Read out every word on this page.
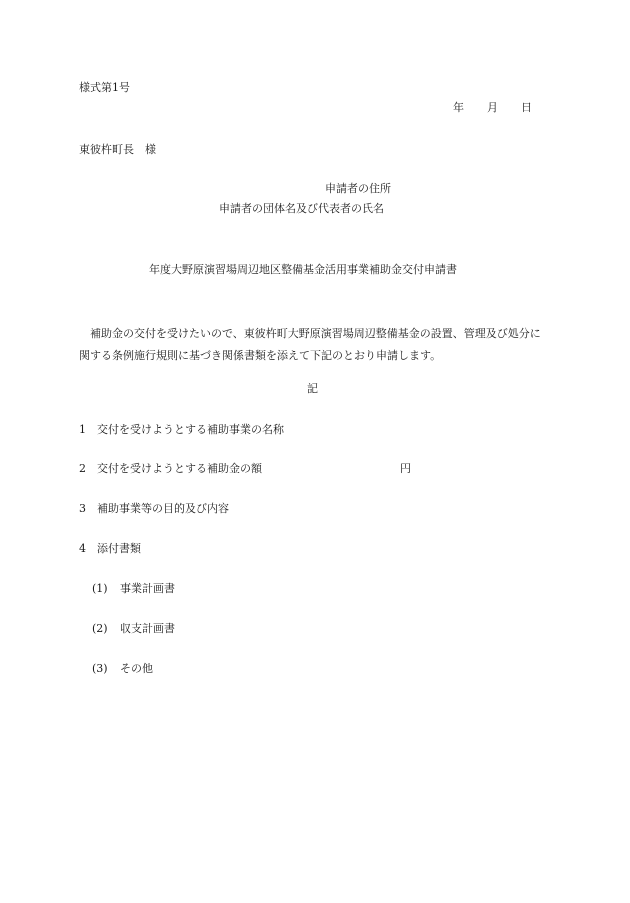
様式第1号
年 月 日
東彼杵町長　様
申請者の住所
申請者の団体名及び代表者の氏名
年度大野原演習場周辺地区整備基金活用事業補助金交付申請書
補助金の交付を受けたいので、東彼杵町大野原演習場周辺整備基金の設置、管理及び処分に関する条例施行規則に基づき関係書類を添えて下記のとおり申請します。
記
1 交付を受けようとする補助事業の名称
2 交付を受けようとする補助金の額	円
3 補助事業等の目的及び内容
4 添付書類
(1) 事業計画書
(2) 収支計画書
(3) その他
